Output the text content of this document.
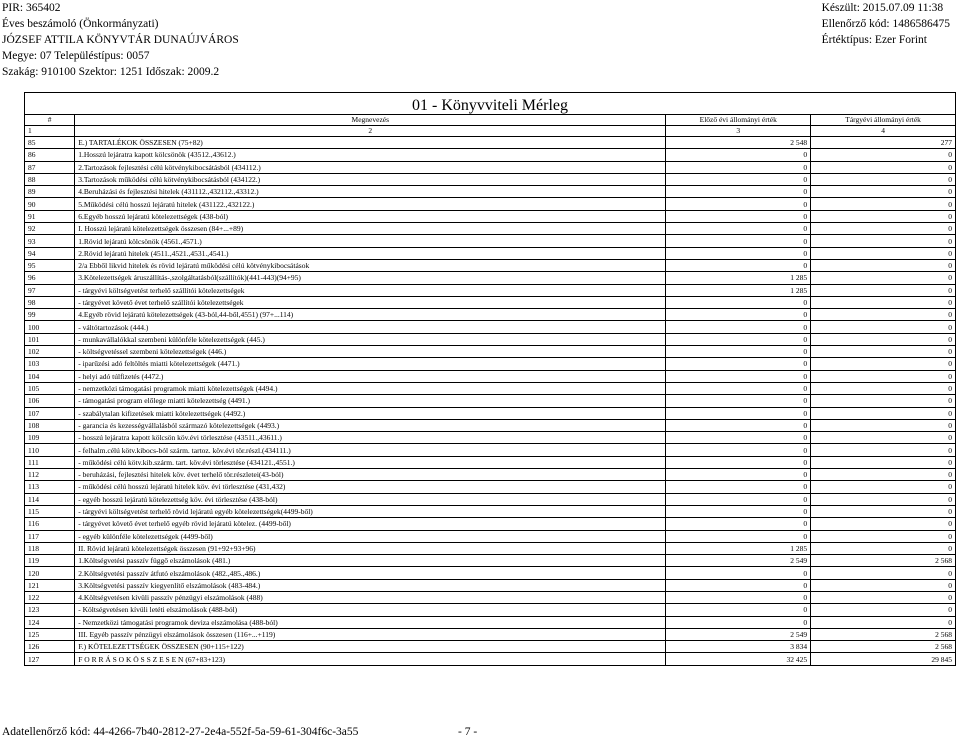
PIR: 365402
Éves beszámoló (Önkormányzati)
JÓZSEF ATTILA KÖNYVTÁR DUNAÚJVÁROS
Megye: 07 Településtípus: 0057
Szakág: 910100 Szektor: 1251 Időszak: 2009.2
Készült: 2015.07.09 11:38
Ellenőrző kód: 1486586475
Értéktípus: Ezer Forint
01 - Könyvviteli Mérleg
#	Megnevezés	Előző évi állományi érték	Tárgyévi állományi érték
1	2	3	4
85	E.) TARTALÉKOK ÖSSZESEN (75+82)	2 548	277
86	1.Hosszú lejáratra kapott kölcsönök (43512.,43612.)	0	0
87	2.Tartozások fejlesztési célú kötvénykibocsátásból (434112.)	0	0
88	3.Tartozások működési célú kötvénykibocsátásból (434122.)	0	0
89	4.Beruházási és fejlesztési hitelek (431112.,432112.,43312.)	0	0
90	5.Működési célú hosszú lejáratú hitelek (431122.,432122.)	0	0
91	6.Egyéb hosszú lejáratú kötelezettségek (438-ból)	0	0
92	I. Hosszú lejáratú kötelezettségek összesen (84+...+89)	0	0
93	1.Rövid lejáratú kölcsönök (4561.,4571.)	0	0
94	2.Rövid lejáratú hitelek (4511.,4521.,4531.,4541.)	0	0
95	2/a Ebből likvid hitelek és rövid lejáratú működési célú kötvénykibocsátások	0	0
96	3.Kötelezettségek áruszállítás-,szolgáltatásból(szállítók)(441-443)(94+95)	1 285	0
97	- tárgyévi költségvetést terhelő szállítói kötelezettségek	1 285	0
98	- tárgyévet követő évet terhelő szállítói kötelezettségek	0	0
99	4.Egyéb rövid lejáratú kötelezettségek (43-ból,44-ből,4551) (97+...114)	0	0
100	- váltótartozások (444.)	0	0
101	- munkavállalókkal szembeni különféle kötelezettségek (445.)	0	0
102	- költségvetéssel szembeni kötelezettségek (446.)	0	0
103	- iparűzési adó feltöltés miatti kötelezettségek (4471.)	0	0
104	- helyi adó túlfizetés (4472.)	0	0
105	- nemzetközi támogatási programok miatti kötelezettségek (4494.)	0	0
106	- támogatási program előlege miatti kötelezettség (4491.)	0	0
107	- szabálytalan kifizetések miatti kötelezettségek (4492.)	0	0
108	- garancia és kezességvállalásból származó kötelezettségek (4493.)	0	0
109	- hosszú lejáratra kapott kölcsön köv.évi törlesztése (43511.,43611.)	0	0
110	- felhalm.célú kötv.kibocs-ból szárm. tartoz. köv.évi tör.részl.(434111.)	0	0
111	- működési célú kötv.kib.szárm. tart. köv.évi törlesztése (434121.,4551.)	0	0
112	- beruházási, fejlesztési hitelek köv. évet terhelő tör.részletei(43-ból)	0	0
113	- működési célú hosszú lejáratú hitelek köv. évi törlesztése (431,432)	0	0
114	- egyéb hosszú lejáratú kötelezettség köv. évi törlesztése (438-ból)	0	0
115	- tárgyévi költségvetést terhelő rövid lejáratú egyéb kötelezettségek(4499-ből)	0	0
116	- tárgyévet követő évet terhelő egyéb rövid lejáratú kötelez. (4499-ből)	0	0
117	- egyéb különféle kötelezettségek (4499-ből)	0	0
118	II. Rövid lejáratú kötelezettségek összesen (91+92+93+96)	1 285	0
119	1.Költségvetési passzív függő elszámolások (481.)	2 549	2 568
120	2.Költségvetési passzív átfutó elszámolások (482.,485.,486.)	0	0
121	3.Költségvetési passzív kiegyenlítő elszámolások (483-484.)	0	0
122	4.Költségvetésen kívüli passzív pénzügyi elszámolások (488)	0	0
123	- Költségvetésen kívüli letéti elszámolások (488-ból)	0	0
124	- Nemzetközi támogatási programok deviza elszámolása (488-ból)	0	0
125	III. Egyéb passzív pénzügyi elszámolások összesen (116+...+119)	2 549	2 568
126	F.) KÖTELEZETTSÉGEK ÖSSZESEN (90+115+122)	3 834	2 568
127	F O R R Á S O K Ö S S Z E S E N (67+83+123)	32 425	29 845
Adatellenőrző kód: 44-4266-7b40-2812-27-2e4a-552f-5a-59-61-304f6c-3a55	- 7 -
